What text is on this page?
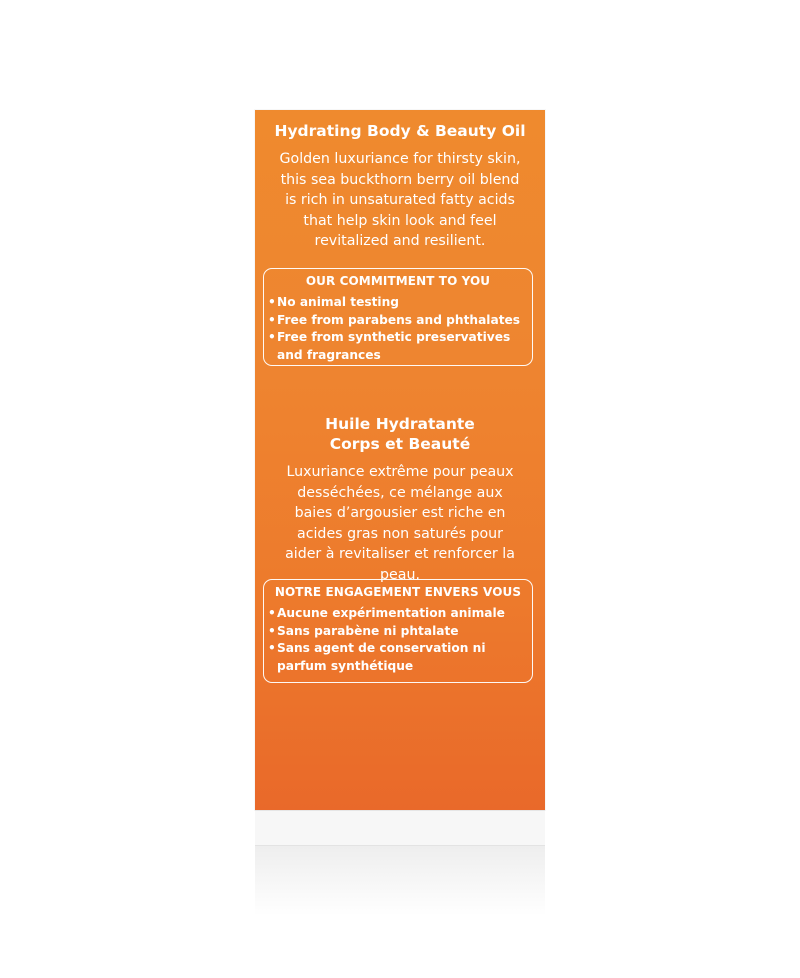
Hydrating Body & Beauty Oil
Golden luxuriance for thirsty skin, this sea buckthorn berry oil blend is rich in unsaturated fatty acids that help skin look and feel revitalized and resilient.
OUR COMMITMENT TO YOU
• No animal testing
• Free from parabens and phthalates
• Free from synthetic preservatives and fragrances
Huile Hydratante
Corps et Beauté
Luxuriance extrême pour peaux desséchées, ce mélange aux baies d’argousier est riche en acides gras non saturés pour aider à revitaliser et renforcer la peau.
NOTRE ENGAGEMENT ENVERS VOUS
• Aucune expérimentation animale
• Sans parabène ni phtalate
• Sans agent de conservation ni parfum synthétique
